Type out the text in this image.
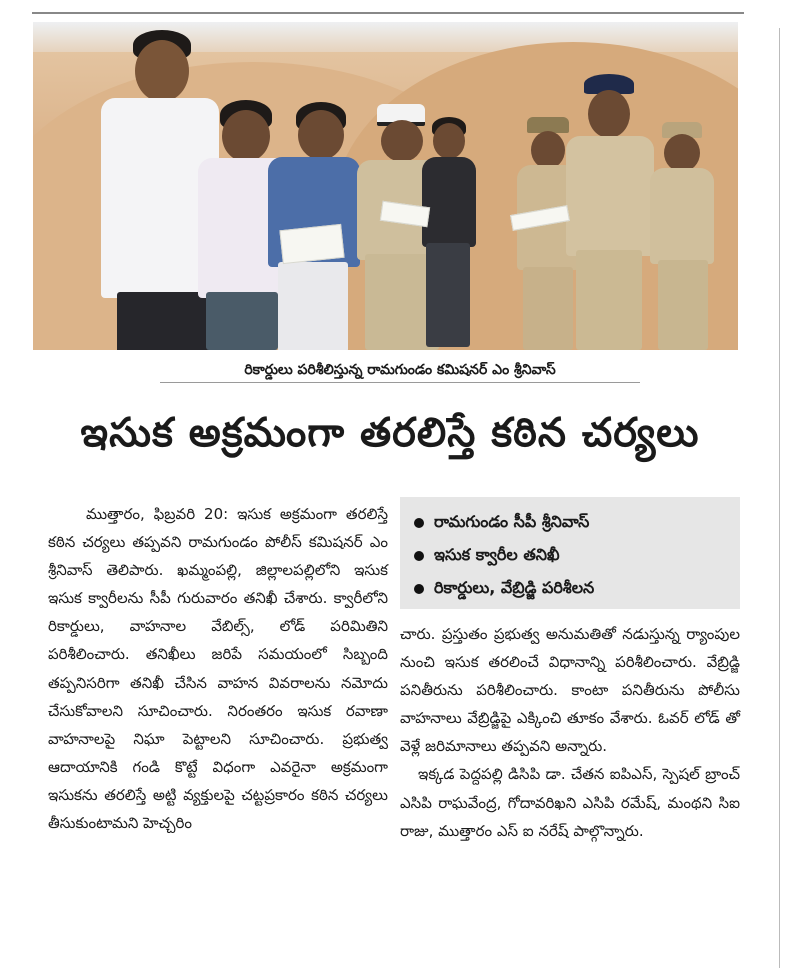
రికార్డులు పరిశీలిస్తున్న రామగుండం కమిషనర్ ఎం శ్రీనివాస్
ఇసుక అక్రమంగా తరలిస్తే కఠిన చర్యలు

ముత్తారం, ఫిబ్రవరి 20: ఇసుక అక్రమంగా తరలిస్తే కఠిన చర్యలు తప్పవని రామగుండం పోలీస్ కమిషనర్ ఎం శ్రీనివాస్ తెలిపారు. ఖమ్మంపల్లి, జిల్లాలపల్లిలోని ఇసుక ఇసుక క్వారీలను సీపీ గురువారం తనిఖీ చేశారు. క్వారీలోని రికార్డులు, వాహనాల వేబిల్స్, లోడ్ పరిమితిని పరిశీలించారు. తనిఖీలు జరిపే సమయంలో సిబ్బంది తప్పనిసరిగా తనిఖీ చేసిన వాహన వివరాలను నమోదు చేసుకోవాలని సూచించారు. నిరంతరం ఇసుక రవాణా వాహనాలపై నిఘా పెట్టాలని సూచించారు. ప్రభుత్వ ఆదాయానికి గండి కొట్టే విధంగా ఎవరైనా అక్రమంగా ఇసుకను తరలిస్తే అట్టి వ్యక్తులపై చట్టప్రకారం కఠిన చర్యలు తీసుకుంటామని హెచ్చరిం

రామగుండం సీపీ శ్రీనివాస్
ఇసుక క్వారీల తనిఖీ
రికార్డులు, వేబ్రిడ్జి పరిశీలన

చారు. ప్రస్తుతం ప్రభుత్వ అనుమతితో నడుస్తున్న ర్యాంపుల నుంచి ఇసుక తరలించే విధానాన్ని పరిశీలించారు. వేబ్రిడ్జి పనితీరును పరిశీలించారు. కాంటా పనితీరును పోలీసు వాహనాలు వేబ్రిడ్జిపై ఎక్కించి తూకం వేశారు. ఓవర్ లోడ్ తో వెళ్లే జరిమానాలు తప్పవని అన్నారు.

ఇక్కడ పెద్దపల్లి డిసిపి డా. చేతన ఐపిఎస్, స్పెషల్ బ్రాంచ్ ఎసిపి రాఘవేంద్ర, గోదావరిఖని ఎసిపి రమేష్, మంథని సిఐ రాజు, ముత్తారం ఎస్ ఐ నరేష్ పాల్గొన్నారు.
